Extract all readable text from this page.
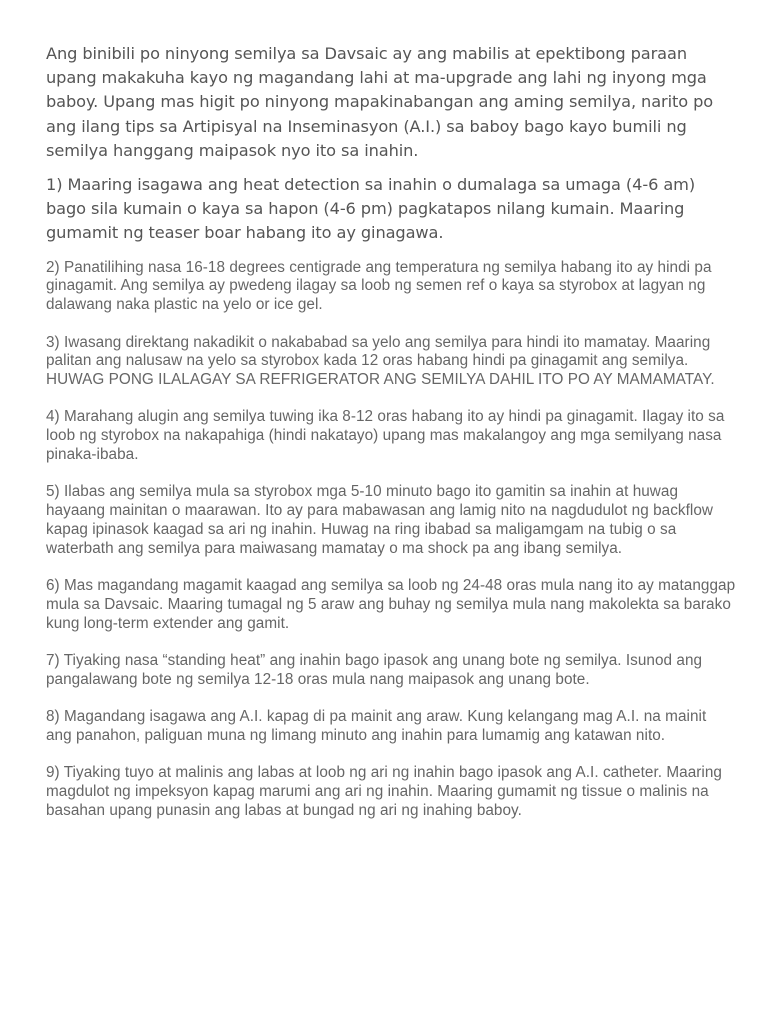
Ang binibili po ninyong semilya sa Davsaic ay ang mabilis at epektibong paraan upang makakuha kayo ng magandang lahi at ma-upgrade ang lahi ng inyong mga baboy. Upang mas higit po ninyong mapakinabangan ang aming semilya, narito po ang ilang tips sa Artipisyal na Inseminasyon (A.I.) sa baboy bago kayo bumili ng semilya hanggang maipasok nyo ito sa inahin.

1) Maaring isagawa ang heat detection sa inahin o dumalaga sa umaga (4-6 am) bago sila kumain o kaya sa hapon (4-6 pm) pagkatapos nilang kumain. Maaring gumamit ng teaser boar habang ito ay ginagawa.

2) Panatilihing nasa 16-18 degrees centigrade ang temperatura ng semilya habang ito ay hindi pa ginagamit. Ang semilya ay pwedeng ilagay sa loob ng semen ref o kaya sa styrobox at lagyan ng dalawang naka plastic na yelo or ice gel.

3) Iwasang direktang nakadikit o nakababad sa yelo ang semilya para hindi ito mamatay. Maaring palitan ang nalusaw na yelo sa styrobox kada 12 oras habang hindi pa ginagamit ang semilya. HUWAG PONG ILALAGAY SA REFRIGERATOR ANG SEMILYA DAHIL ITO PO AY MAMAMATAY.

4) Marahang alugin ang semilya tuwing ika 8-12 oras habang ito ay hindi pa ginagamit. Ilagay ito sa loob ng styrobox na nakapahiga (hindi nakatayo) upang mas makalangoy ang mga semilyang nasa pinaka-ibaba.

5) Ilabas ang semilya mula sa styrobox mga 5-10 minuto bago ito gamitin sa inahin at huwag hayaang mainitan o maarawan. Ito ay para mabawasan ang lamig nito na nagdudulot ng backflow kapag ipinasok kaagad sa ari ng inahin. Huwag na ring ibabad sa maligamgam na tubig o sa waterbath ang semilya para maiwasang mamatay o ma shock pa ang ibang semilya.

6) Mas magandang magamit kaagad ang semilya sa loob ng 24-48 oras mula nang ito ay matanggap mula sa Davsaic. Maaring tumagal ng 5 araw ang buhay ng semilya mula nang makolekta sa barako kung long-term extender ang gamit.

7) Tiyaking nasa “standing heat” ang inahin bago ipasok ang unang bote ng semilya. Isunod ang pangalawang bote ng semilya 12-18 oras mula nang maipasok ang unang bote.

8) Magandang isagawa ang A.I. kapag di pa mainit ang araw. Kung kelangang mag A.I. na mainit ang panahon, paliguan muna ng limang minuto ang inahin para lumamig ang katawan nito.

9) Tiyaking tuyo at malinis ang labas at loob ng ari ng inahin bago ipasok ang A.I. catheter. Maaring magdulot ng impeksyon kapag marumi ang ari ng inahin. Maaring gumamit ng tissue o malinis na basahan upang punasin ang labas at bungad ng ari ng inahing baboy.
